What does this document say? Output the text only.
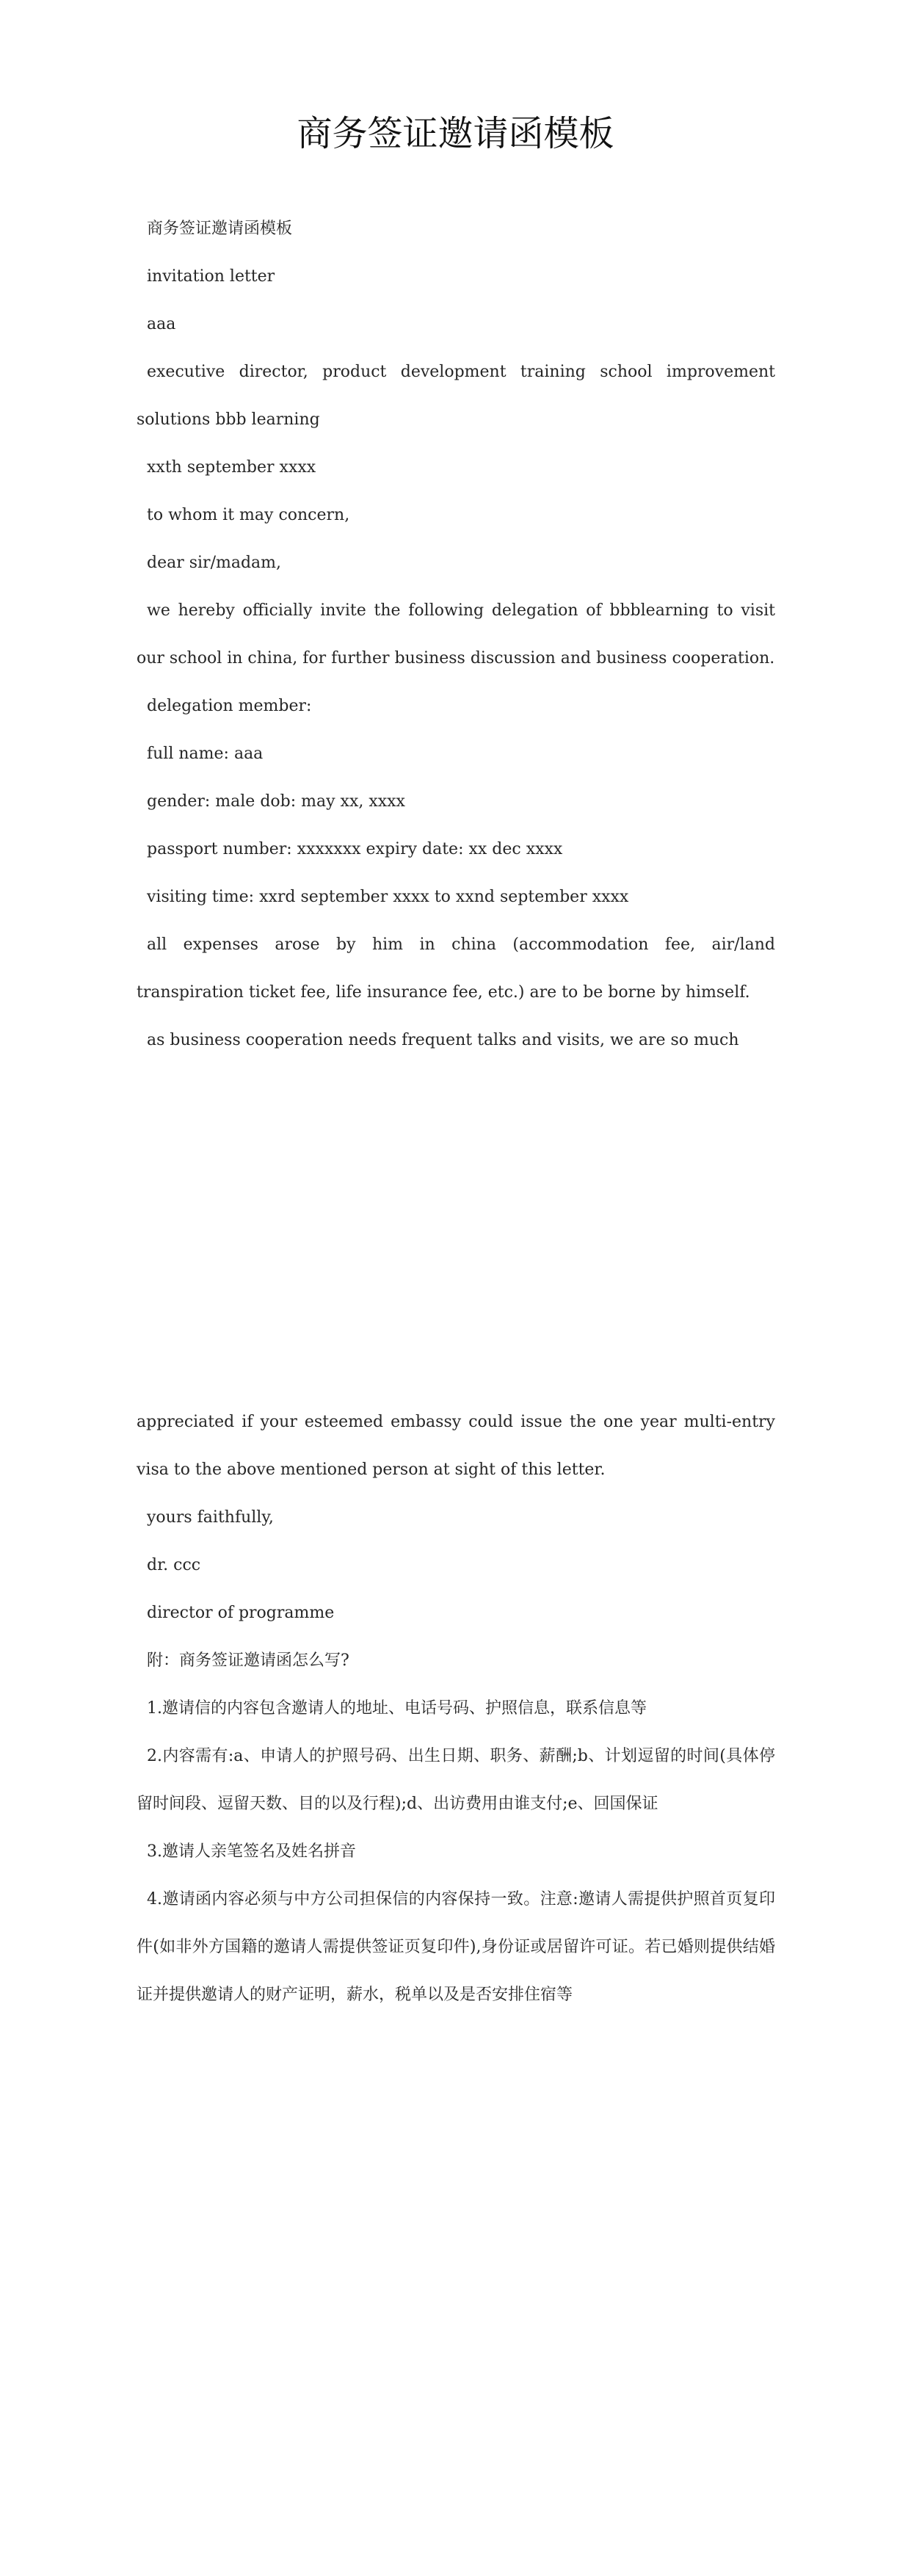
商务签证邀请函模板

商务签证邀请函模板

invitation letter

aaa

executive director, product development training school improvement solutions bbb learning

xxth september xxxx

to whom it may concern,

dear sir/madam,

we hereby officially invite the following delegation of bbblearning to visit our school in china, for further business discussion and business cooperation.

delegation member:

full name: aaa

gender: male dob: may xx, xxxx

passport number: xxxxxxx expiry date: xx dec xxxx

visiting time: xxrd september xxxx to xxnd september xxxx

all expenses arose by him in china (accommodation fee, air/land transpiration ticket fee, life insurance fee, etc.) are to be borne by himself.

as business cooperation needs frequent talks and visits, we are so much

appreciated if your esteemed embassy could issue the one year multi-entry visa to the above mentioned person at sight of this letter.

yours faithfully,

dr. ccc

director of programme

附：商务签证邀请函怎么写?

1.邀请信的内容包含邀请人的地址、电话号码、护照信息，联系信息等

2.内容需有:a、申请人的护照号码、出生日期、职务、薪酬;b、计划逗留的时间(具体停留时间段、逗留天数、目的以及行程);d、出访费用由谁支付;e、回国保证

3.邀请人亲笔签名及姓名拼音

4.邀请函内容必须与中方公司担保信的内容保持一致。注意:邀请人需提供护照首页复印件(如非外方国籍的邀请人需提供签证页复印件),身份证或居留许可证。若已婚则提供结婚证并提供邀请人的财产证明，薪水，税单以及是否安排住宿等
